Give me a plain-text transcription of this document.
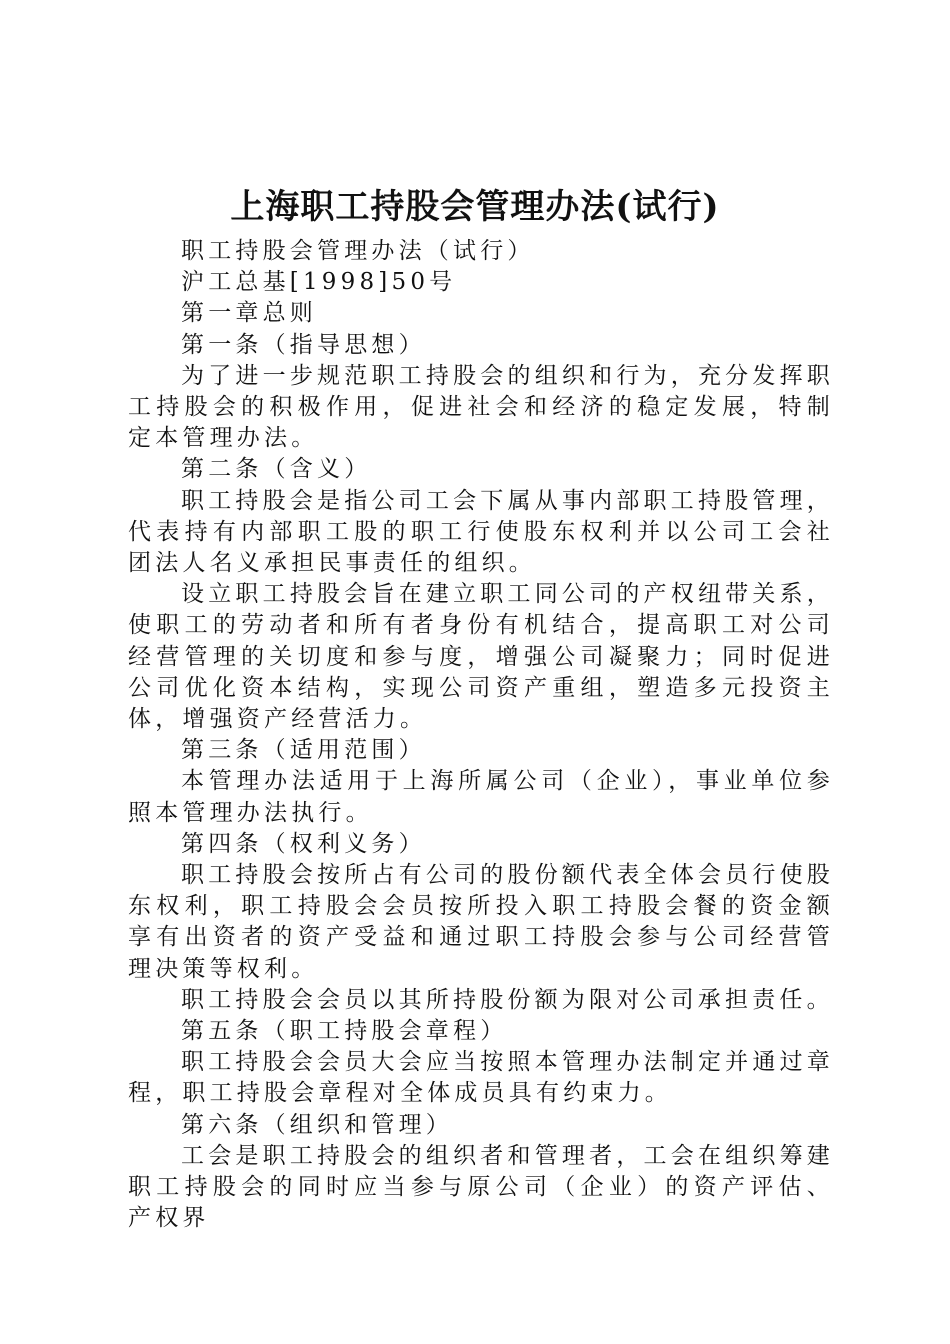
上海职工持股会管理办法(试行)

职工持股会管理办法（试行）

沪工总基[1998]50号

第一章总则

第一条（指导思想）

为了进一步规范职工持股会的组织和行为，充分发挥职工持股会的积极作用，促进社会和经济的稳定发展，特制定本管理办法。

第二条（含义）

职工持股会是指公司工会下属从事内部职工持股管理，代表持有内部职工股的职工行使股东权利并以公司工会社团法人名义承担民事责任的组织。

设立职工持股会旨在建立职工同公司的产权纽带关系，使职工的劳动者和所有者身份有机结合，提高职工对公司经营管理的关切度和参与度，增强公司凝聚力；同时促进公司优化资本结构，实现公司资产重组，塑造多元投资主体，增强资产经营活力。

第三条（适用范围）

本管理办法适用于上海所属公司（企业），事业单位参照本管理办法执行。

第四条（权利义务）

职工持股会按所占有公司的股份额代表全体会员行使股东权利，职工持股会会员按所投入职工持股会餐的资金额享有出资者的资产受益和通过职工持股会参与公司经营管理决策等权利。

职工持股会会员以其所持股份额为限对公司承担责任。

第五条（职工持股会章程）

职工持股会会员大会应当按照本管理办法制定并通过章程，职工持股会章程对全体成员具有约束力。

第六条（组织和管理）

工会是职工持股会的组织者和管理者，工会在组织筹建职工持股会的同时应当参与原公司（企业）的资产评估、产权界
